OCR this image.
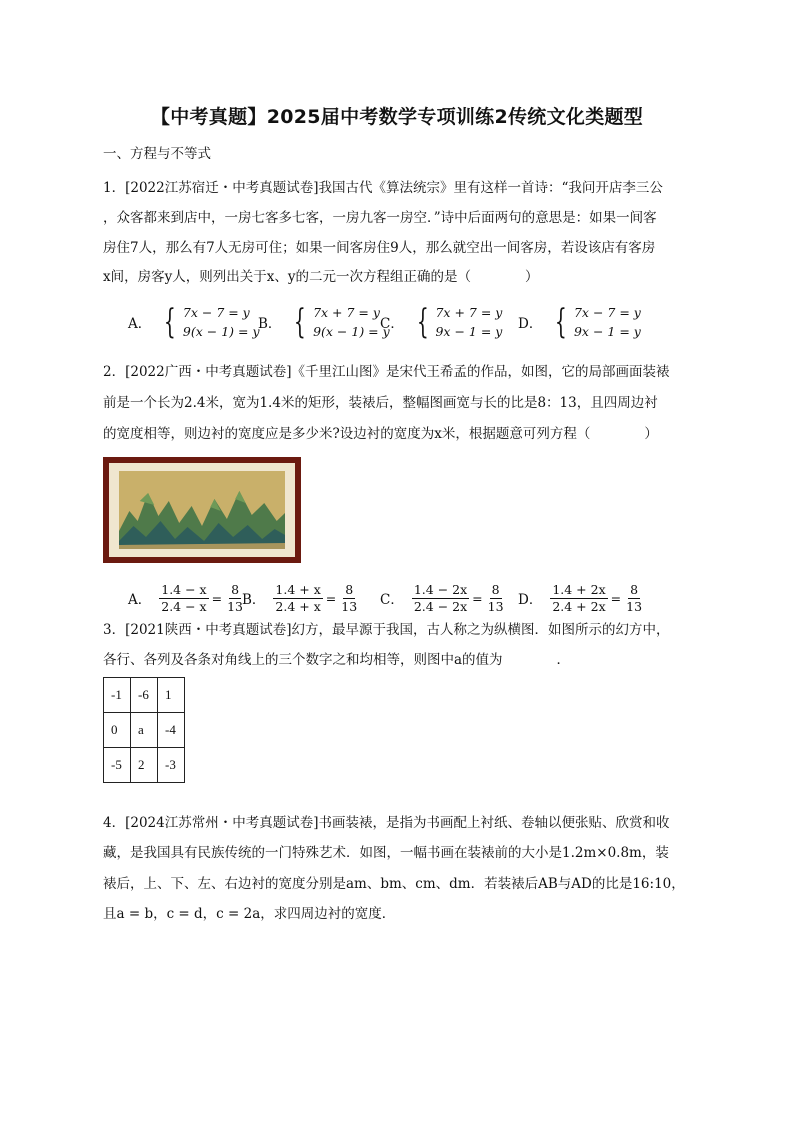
【中考真题】2025届中考数学专项训练2传统文化类题型
一、方程与不等式
1．[2022江苏宿迁・中考真题试卷]我国古代《算法统宗》里有这样一首诗：“我问开店李三公
，众客都来到店中，一房七客多七客，一房九客一房空．”诗中后面两句的意思是：如果一间客
房住7人，那么有7人无房可住；如果一间客房住9人，那么就空出一间客房，若设该店有客房
x间，房客y人，则列出关于x、y的二元一次方程组正确的是（　　　　）
A． { 7x − 7 = y
9(x − 1) = y
B． { 7x + 7 = y
9(x − 1) = y
C． { 7x + 7 = y
9x − 1 = y D． { 7x − 7 = y
9x − 1 = y
2．[2022广西・中考真题试卷]《千里江山图》是宋代王希孟的作品，如图，它的局部画面装裱
前是一个长为2.4米，宽为1.4米的矩形，装裱后，整幅图画宽与长的比是8：13，且四周边衬
的宽度相等，则边衬的宽度应是多少米?设边衬的宽度为x米，根据题意可列方程（　　　　）
A． $\frac{1.4 - x}{2.4 - x} = \frac{8}{13}$
B． $\frac{1.4 + x}{2.4 + x} = \frac{8}{13}$ C． $\frac{1.4 - 2x}{2.4 - 2x} = \frac{8}{13}$ D． $\frac{1.4 + 2x}{2.4 + 2x} = \frac{8}{13}$
3．[2021陕西・中考真题试卷]幻方，最早源于我国，古人称之为纵横图．如图所示的幻方中，
各行、各列及各条对角线上的三个数字之和均相等，则图中a的值为　　　　．
-1	-6	1
0	a	-4
-5	2	-3
4．[2024江苏常州・中考真题试卷]书画装裱，是指为书画配上衬纸、卷轴以便张贴、欣赏和收
藏，是我国具有民族传统的一门特殊艺术．如图，一幅书画在装裱前的大小是1.2m×0.8m，装
裱后，上、下、左、右边衬的宽度分别是am、bm、cm、dm．若装裱后AB与AD的比是16:10，
且a = b，c = d，c = 2a，求四周边衬的宽度．
